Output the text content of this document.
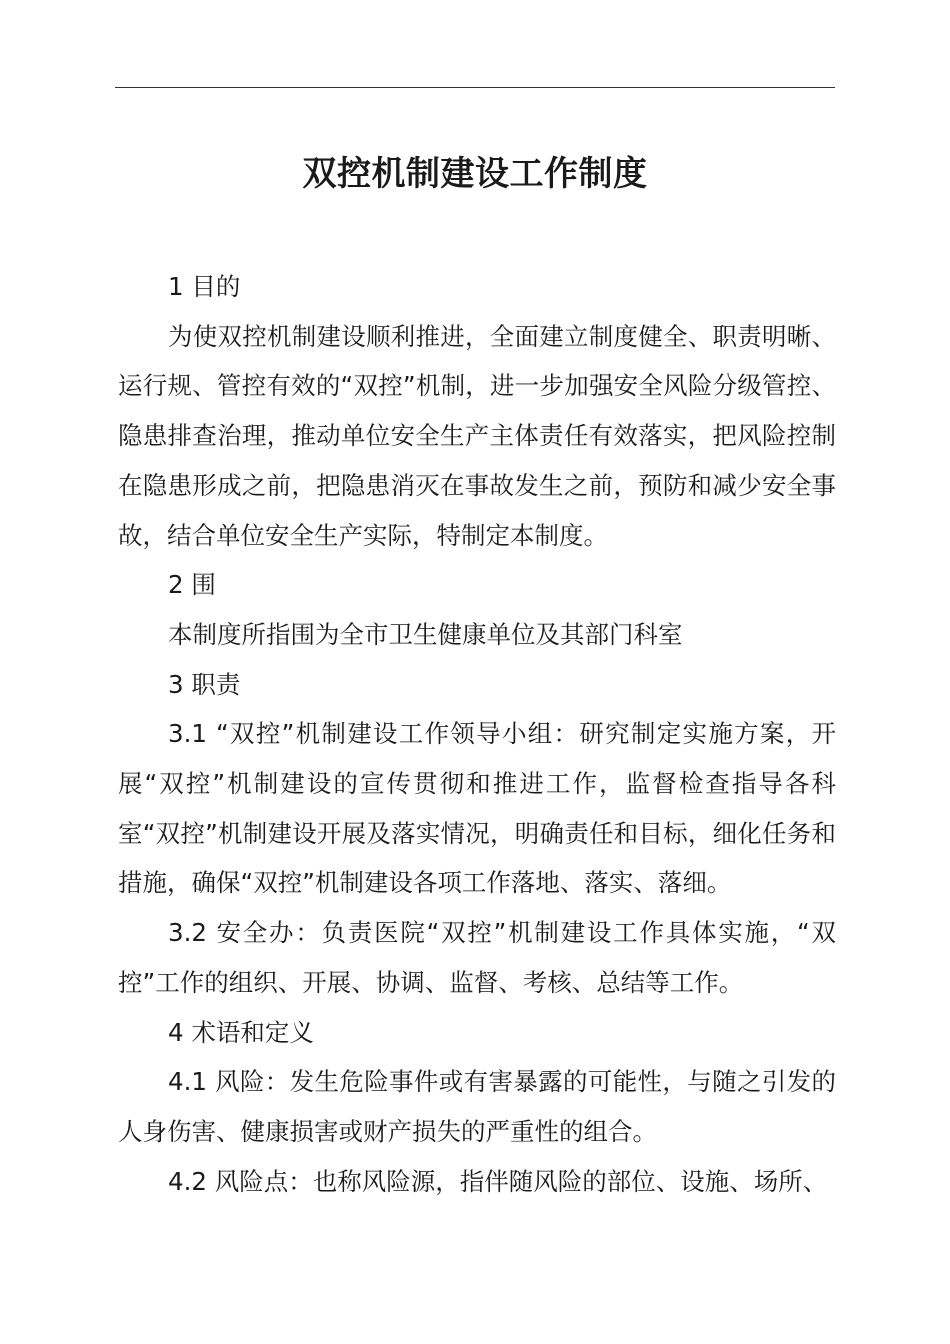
双控机制建设工作制度

1 目的

为使双控机制建设顺利推进，全面建立制度健全、职责明晰、运行规、管控有效的“双控”机制，进一步加强安全风险分级管控、隐患排查治理，推动单位安全生产主体责任有效落实，把风险控制在隐患形成之前，把隐患消灭在事故发生之前，预防和减少安全事故，结合单位安全生产实际，特制定本制度。

2 围

本制度所指围为全市卫生健康单位及其部门科室

3 职责

3.1 “双控”机制建设工作领导小组：研究制定实施方案，开展“双控”机制建设的宣传贯彻和推进工作，监督检查指导各科室“双控”机制建设开展及落实情况，明确责任和目标，细化任务和措施，确保“双控”机制建设各项工作落地、落实、落细。

3.2 安全办：负责医院“双控”机制建设工作具体实施，“双控”工作的组织、开展、协调、监督、考核、总结等工作。

4 术语和定义

4.1 风险：发生危险事件或有害暴露的可能性，与随之引发的人身伤害、健康损害或财产损失的严重性的组合。

4.2 风险点：也称风险源，指伴随风险的部位、设施、场所、
